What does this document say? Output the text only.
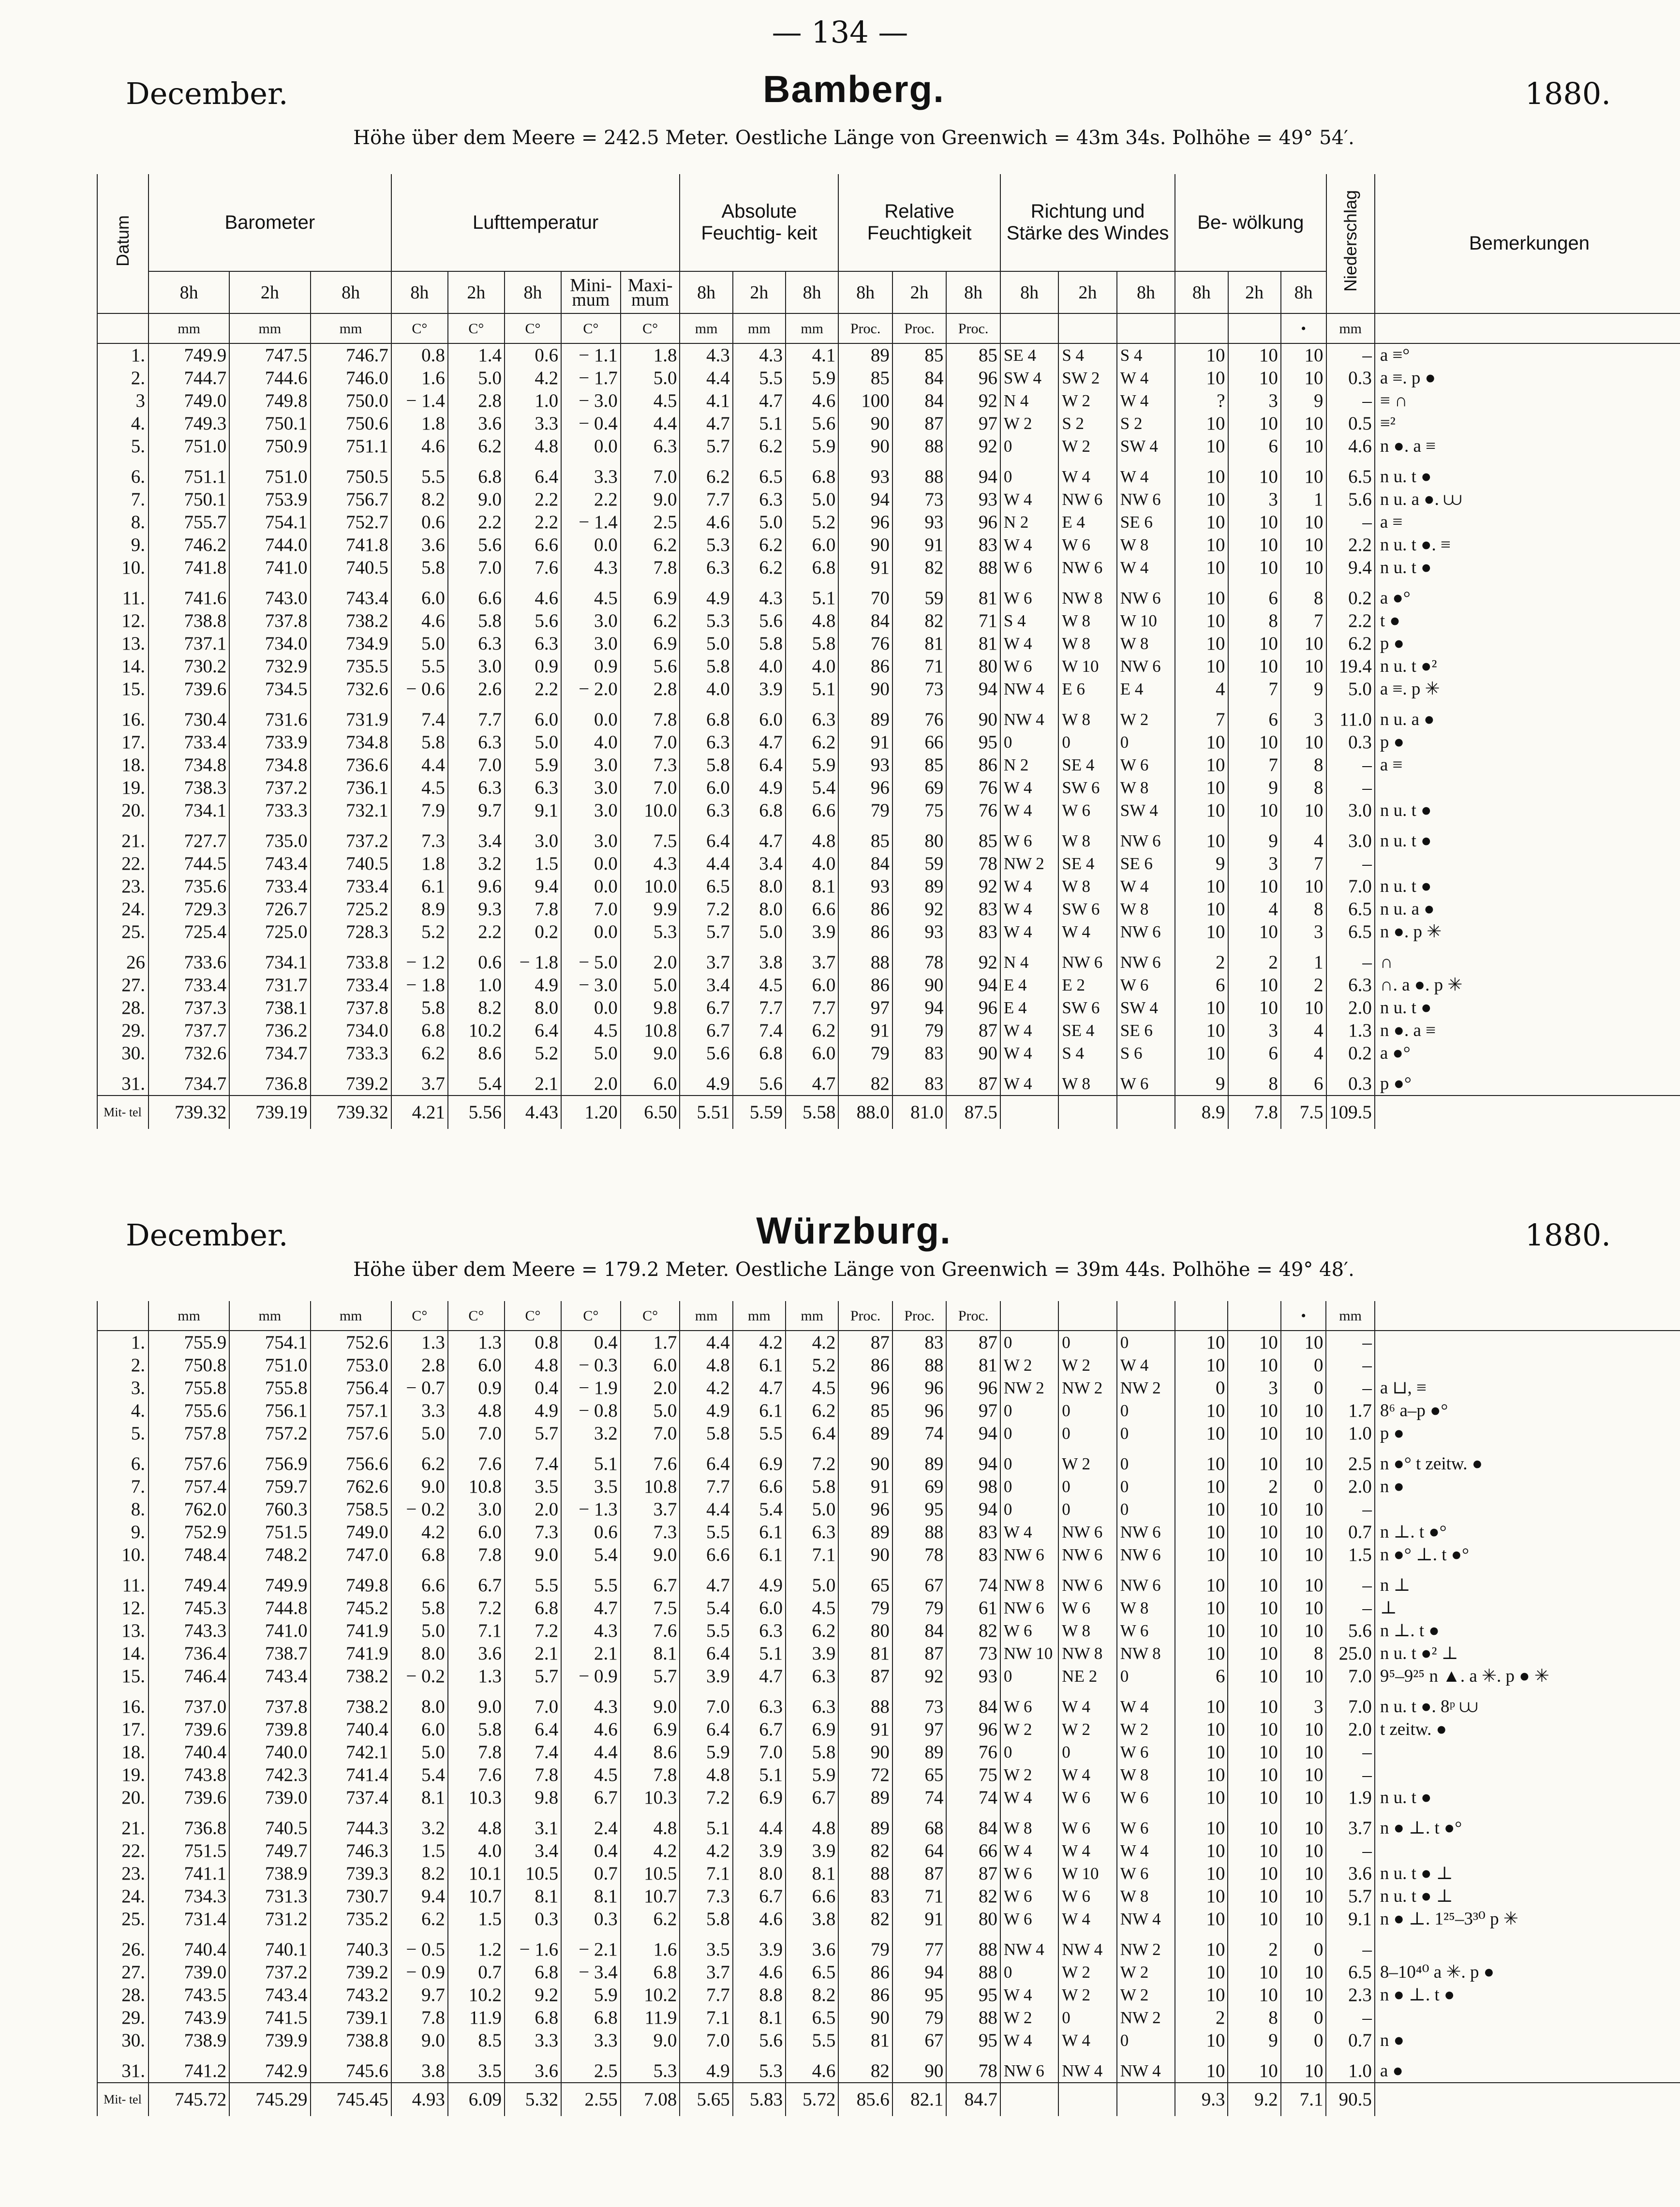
— 134 —
December.	Bamberg.	1880.
Höhe über dem Meere = 242.5 Meter. Oestliche Länge von Greenwich = 43m 34s. Polhöhe = 49° 54′.
Datum	Barometer			Lufttemperatur					Absolute Feuchtig- keit			Relative Feuchtigkeit			Richtung und Stärke des Windes			Be- wölkung			Niederschlag	Bemerkungen
	8h	2h	8h	8h	2h	8h	Mini- mum	Maxi- mum	8h	2h	8h	8h	2h	8h	8h	2h	8h	8h	2h	8h		
	mm	mm	mm	C°	C°	C°	C°	C°	mm	mm	mm	Proc.	Proc.	Proc.						•	mm	
1.	749.9	747.5	746.7	0.8	1.4	0.6	− 1.1	1.8	4.3	4.3	4.1	89	85	85	SE 4	S 4	S 4	10	10	10	–	a ≡°
2.	744.7	744.6	746.0	1.6	5.0	4.2	− 1.7	5.0	4.4	5.5	5.9	85	84	96	SW 4	SW 2	W 4	10	10	10	0.3	a ≡. p ●
3	749.0	749.8	750.0	− 1.4	2.8	1.0	− 3.0	4.5	4.1	4.7	4.6	100	84	92	N 4	W 2	W 4	?	3	9	–	≡ ∩
4.	749.3	750.1	750.6	1.8	3.6	3.3	− 0.4	4.4	4.7	5.1	5.6	90	87	97	W 2	S 2	S 2	10	10	10	0.5	≡²
5.	751.0	750.9	751.1	4.6	6.2	4.8	0.0	6.3	5.7	6.2	5.9	90	88	92	0	W 2	SW 4	10	6	10	4.6	n ●. a ≡

6.	751.1	751.0	750.5	5.5	6.8	6.4	3.3	7.0	6.2	6.5	6.8	93	88	94	0	W 4	W 4	10	10	10	6.5	n u. t ●
7.	750.1	753.9	756.7	8.2	9.0	2.2	2.2	9.0	7.7	6.3	5.0	94	73	93	W 4	NW 6	NW 6	10	3	1	5.6	n u. a ●. ⩊
8.	755.7	754.1	752.7	0.6	2.2	2.2	− 1.4	2.5	4.6	5.0	5.2	96	93	96	N 2	E 4	SE 6	10	10	10	–	a ≡
9.	746.2	744.0	741.8	3.6	5.6	6.6	0.0	6.2	5.3	6.2	6.0	90	91	83	W 4	W 6	W 8	10	10	10	2.2	n u. t ●. ≡
10.	741.8	741.0	740.5	5.8	7.0	7.6	4.3	7.8	6.3	6.2	6.8	91	82	88	W 6	NW 6	W 4	10	10	10	9.4	n u. t ●

11.	741.6	743.0	743.4	6.0	6.6	4.6	4.5	6.9	4.9	4.3	5.1	70	59	81	W 6	NW 8	NW 6	10	6	8	0.2	a ●°
12.	738.8	737.8	738.2	4.6	5.8	5.6	3.0	6.2	5.3	5.6	4.8	84	82	71	S 4	W 8	W 10	10	8	7	2.2	t ●
13.	737.1	734.0	734.9	5.0	6.3	6.3	3.0	6.9	5.0	5.8	5.8	76	81	81	W 4	W 8	W 8	10	10	10	6.2	p ●
14.	730.2	732.9	735.5	5.5	3.0	0.9	0.9	5.6	5.8	4.0	4.0	86	71	80	W 6	W 10	NW 6	10	10	10	19.4	n u. t ●²
15.	739.6	734.5	732.6	− 0.6	2.6	2.2	− 2.0	2.8	4.0	3.9	5.1	90	73	94	NW 4	E 6	E 4	4	7	9	5.0	a ≡. p ✳

16.	730.4	731.6	731.9	7.4	7.7	6.0	0.0	7.8	6.8	6.0	6.3	89	76	90	NW 4	W 8	W 2	7	6	3	11.0	n u. a ●
17.	733.4	733.9	734.8	5.8	6.3	5.0	4.0	7.0	6.3	4.7	6.2	91	66	95	0	0	0	10	10	10	0.3	p ●
18.	734.8	734.8	736.6	4.4	7.0	5.9	3.0	7.3	5.8	6.4	5.9	93	85	86	N 2	SE 4	W 6	10	7	8	–	a ≡
19.	738.3	737.2	736.1	4.5	6.3	6.3	3.0	7.0	6.0	4.9	5.4	96	69	76	W 4	SW 6	W 8	10	9	8	–	
20.	734.1	733.3	732.1	7.9	9.7	9.1	3.0	10.0	6.3	6.8	6.6	79	75	76	W 4	W 6	SW 4	10	10	10	3.0	n u. t ●

21.	727.7	735.0	737.2	7.3	3.4	3.0	3.0	7.5	6.4	4.7	4.8	85	80	85	W 6	W 8	NW 6	10	9	4	3.0	n u. t ●
22.	744.5	743.4	740.5	1.8	3.2	1.5	0.0	4.3	4.4	3.4	4.0	84	59	78	NW 2	SE 4	SE 6	9	3	7	–	
23.	735.6	733.4	733.4	6.1	9.6	9.4	0.0	10.0	6.5	8.0	8.1	93	89	92	W 4	W 8	W 4	10	10	10	7.0	n u. t ●
24.	729.3	726.7	725.2	8.9	9.3	7.8	7.0	9.9	7.2	8.0	6.6	86	92	83	W 4	SW 6	W 8	10	4	8	6.5	n u. a ●
25.	725.4	725.0	728.3	5.2	2.2	0.2	0.0	5.3	5.7	5.0	3.9	86	93	83	W 4	W 4	NW 6	10	10	3	6.5	n ●. p ✳

26	733.6	734.1	733.8	− 1.2	0.6	− 1.8	− 5.0	2.0	3.7	3.8	3.7	88	78	92	N 4	NW 6	NW 6	2	2	1	–	∩
27.	733.4	731.7	733.4	− 1.8	1.0	4.9	− 3.0	5.0	3.4	4.5	6.0	86	90	94	E 4	E 2	W 6	6	10	2	6.3	∩. a ●. p ✳
28.	737.3	738.1	737.8	5.8	8.2	8.0	0.0	9.8	6.7	7.7	7.7	97	94	96	E 4	SW 6	SW 4	10	10	10	2.0	n u. t ●
29.	737.7	736.2	734.0	6.8	10.2	6.4	4.5	10.8	6.7	7.4	6.2	91	79	87	W 4	SE 4	SE 6	10	3	4	1.3	n ●. a ≡
30.	732.6	734.7	733.3	6.2	8.6	5.2	5.0	9.0	5.6	6.8	6.0	79	83	90	W 4	S 4	S 6	10	6	4	0.2	a ●°

31.	734.7	736.8	739.2	3.7	5.4	2.1	2.0	6.0	4.9	5.6	4.7	82	83	87	W 4	W 8	W 6	9	8	6	0.3	p ●°
Mit- tel	739.32	739.19	739.32	4.21	5.56	4.43	1.20	6.50	5.51	5.59	5.58	88.0	81.0	87.5				8.9	7.8	7.5	109.5	
December.	Würzburg.	1880.
Höhe über dem Meere = 179.2 Meter. Oestliche Länge von Greenwich = 39m 44s. Polhöhe = 49° 48′.
	mm	mm	mm	C°	C°	C°	C°	C°	mm	mm	mm	Proc.	Proc.	Proc.						•	mm	
1.	755.9	754.1	752.6	1.3	1.3	0.8	0.4	1.7	4.4	4.2	4.2	87	83	87	0	0	0	10	10	10	–	
2.	750.8	751.0	753.0	2.8	6.0	4.8	− 0.3	6.0	4.8	6.1	5.2	86	88	81	W 2	W 2	W 4	10	10	0	–	
3.	755.8	755.8	756.4	− 0.7	0.9	0.4	− 1.9	2.0	4.2	4.7	4.5	96	96	96	NW 2	NW 2	NW 2	0	3	0	–	a ⊔, ≡
4.	755.6	756.1	757.1	3.3	4.8	4.9	− 0.8	5.0	4.9	6.1	6.2	85	96	97	0	0	0	10	10	10	1.7	8⁶ a–p ●°
5.	757.8	757.2	757.6	5.0	7.0	5.7	3.2	7.0	5.8	5.5	6.4	89	74	94	0	0	0	10	10	10	1.0	p ●

6.	757.6	756.9	756.6	6.2	7.6	7.4	5.1	7.6	6.4	6.9	7.2	90	89	94	0	W 2	0	10	10	10	2.5	n ●° t zeitw. ●
7.	757.4	759.7	762.6	9.0	10.8	3.5	3.5	10.8	7.7	6.6	5.8	91	69	98	0	0	0	10	2	0	2.0	n ●
8.	762.0	760.3	758.5	− 0.2	3.0	2.0	− 1.3	3.7	4.4	5.4	5.0	96	95	94	0	0	0	10	10	10	–	
9.	752.9	751.5	749.0	4.2	6.0	7.3	0.6	7.3	5.5	6.1	6.3	89	88	83	W 4	NW 6	NW 6	10	10	10	0.7	n ⊥. t ●°
10.	748.4	748.2	747.0	6.8	7.8	9.0	5.4	9.0	6.6	6.1	7.1	90	78	83	NW 6	NW 6	NW 6	10	10	10	1.5	n ●° ⊥. t ●°

11.	749.4	749.9	749.8	6.6	6.7	5.5	5.5	6.7	4.7	4.9	5.0	65	67	74	NW 8	NW 6	NW 6	10	10	10	–	n ⊥
12.	745.3	744.8	745.2	5.8	7.2	6.8	4.7	7.5	5.4	6.0	4.5	79	79	61	NW 6	W 6	W 8	10	10	10	–	⊥
13.	743.3	741.0	741.9	5.0	7.1	7.2	4.3	7.6	5.5	6.3	6.2	80	84	82	W 6	W 8	W 6	10	10	10	5.6	n ⊥. t ●
14.	736.4	738.7	741.9	8.0	3.6	2.1	2.1	8.1	6.4	5.1	3.9	81	87	73	NW 10	NW 8	NW 8	10	10	8	25.0	n u. t ●² ⊥
15.	746.4	743.4	738.2	− 0.2	1.3	5.7	− 0.9	5.7	3.9	4.7	6.3	87	92	93	0	NE 2	0	6	10	10	7.0	9⁵–9²⁵ n ▲. a ✳. p ● ✳

16.	737.0	737.8	738.2	8.0	9.0	7.0	4.3	9.0	7.0	6.3	6.3	88	73	84	W 6	W 4	W 4	10	10	3	7.0	n u. t ●. 8ᵖ ⩊
17.	739.6	739.8	740.4	6.0	5.8	6.4	4.6	6.9	6.4	6.7	6.9	91	97	96	W 2	W 2	W 2	10	10	10	2.0	t zeitw. ●
18.	740.4	740.0	742.1	5.0	7.8	7.4	4.4	8.6	5.9	7.0	5.8	90	89	76	0	0	W 6	10	10	10	–	
19.	743.8	742.3	741.4	5.4	7.6	7.8	4.5	7.8	4.8	5.1	5.9	72	65	75	W 2	W 4	W 8	10	10	10	–	
20.	739.6	739.0	737.4	8.1	10.3	9.8	6.7	10.3	7.2	6.9	6.7	89	74	74	W 4	W 6	W 6	10	10	10	1.9	n u. t ●

21.	736.8	740.5	744.3	3.2	4.8	3.1	2.4	4.8	5.1	4.4	4.8	89	68	84	W 8	W 6	W 6	10	10	10	3.7	n ● ⊥. t ●°
22.	751.5	749.7	746.3	1.5	4.0	3.4	0.4	4.2	4.2	3.9	3.9	82	64	66	W 4	W 4	W 4	10	10	10	–	
23.	741.1	738.9	739.3	8.2	10.1	10.5	0.7	10.5	7.1	8.0	8.1	88	87	87	W 6	W 10	W 6	10	10	10	3.6	n u. t ● ⊥
24.	734.3	731.3	730.7	9.4	10.7	8.1	8.1	10.7	7.3	6.7	6.6	83	71	82	W 6	W 6	W 8	10	10	10	5.7	n u. t ● ⊥
25.	731.4	731.2	735.2	6.2	1.5	0.3	0.3	6.2	5.8	4.6	3.8	82	91	80	W 6	W 4	NW 4	10	10	10	9.1	n ● ⊥. 1²⁵–3³⁰ p ✳

26.	740.4	740.1	740.3	− 0.5	1.2	− 1.6	− 2.1	1.6	3.5	3.9	3.6	79	77	88	NW 4	NW 4	NW 2	10	2	0	–	
27.	739.0	737.2	739.2	− 0.9	0.7	6.8	− 3.4	6.8	3.7	4.6	6.5	86	94	88	0	W 2	W 2	10	10	10	6.5	8–10⁴⁰ a ✳. p ●
28.	743.5	743.4	743.2	9.7	10.2	9.2	5.9	10.2	7.7	8.8	8.2	86	95	95	W 4	W 2	W 2	10	10	10	2.3	n ● ⊥. t ●
29.	743.9	741.5	739.1	7.8	11.9	6.8	6.8	11.9	7.1	8.1	6.5	90	79	88	W 2	0	NW 2	2	8	0	–	
30.	738.9	739.9	738.8	9.0	8.5	3.3	3.3	9.0	7.0	5.6	5.5	81	67	95	W 4	W 4	0	10	9	0	0.7	n ●

31.	741.2	742.9	745.6	3.8	3.5	3.6	2.5	5.3	4.9	5.3	4.6	82	90	78	NW 6	NW 4	NW 4	10	10	10	1.0	a ●
Mit- tel	745.72	745.29	745.45	4.93	6.09	5.32	2.55	7.08	5.65	5.83	5.72	85.6	82.1	84.7				9.3	9.2	7.1	90.5	
